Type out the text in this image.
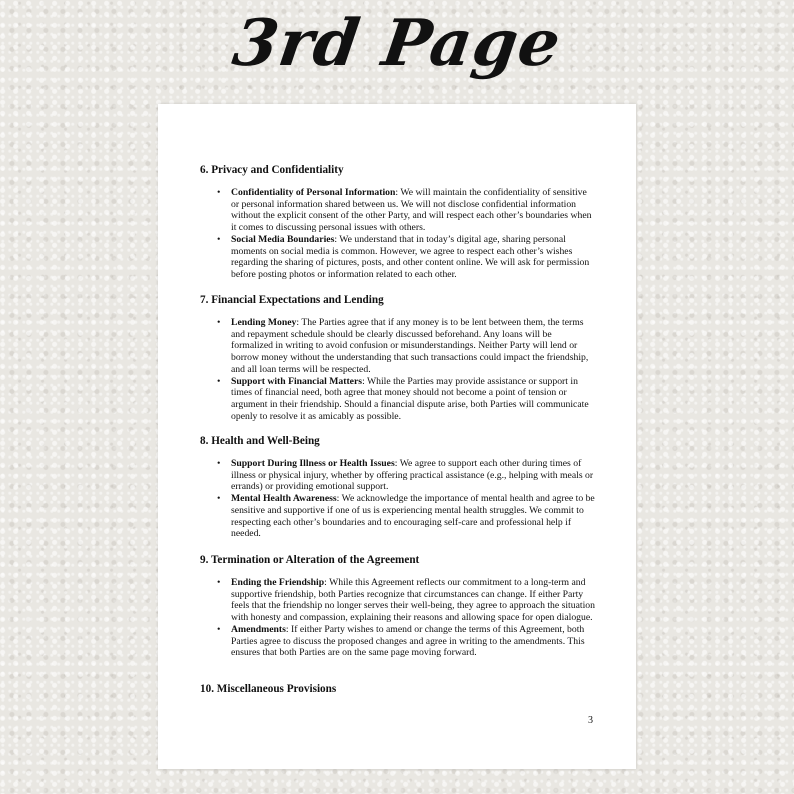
3rd Page
6. Privacy and Confidentiality
• Confidentiality of Personal Information: We will maintain the confidentiality of sensitive or personal information shared between us. We will not disclose confidential information without the explicit consent of the other Party, and will respect each other’s boundaries when it comes to discussing personal issues with others.
• Social Media Boundaries: We understand that in today’s digital age, sharing personal moments on social media is common. However, we agree to respect each other’s wishes regarding the sharing of pictures, posts, and other content online. We will ask for permission before posting photos or information related to each other.
7. Financial Expectations and Lending
• Lending Money: The Parties agree that if any money is to be lent between them, the terms and repayment schedule should be clearly discussed beforehand. Any loans will be formalized in writing to avoid confusion or misunderstandings. Neither Party will lend or borrow money without the understanding that such transactions could impact the friendship, and all loan terms will be respected.
• Support with Financial Matters: While the Parties may provide assistance or support in times of financial need, both agree that money should not become a point of tension or argument in their friendship. Should a financial dispute arise, both Parties will communicate openly to resolve it as amicably as possible.
8. Health and Well-Being
• Support During Illness or Health Issues: We agree to support each other during times of illness or physical injury, whether by offering practical assistance (e.g., helping with meals or errands) or providing emotional support.
• Mental Health Awareness: We acknowledge the importance of mental health and agree to be sensitive and supportive if one of us is experiencing mental health struggles. We commit to respecting each other’s boundaries and to encouraging self-care and professional help if needed.
9. Termination or Alteration of the Agreement
• Ending the Friendship: While this Agreement reflects our commitment to a long-term and supportive friendship, both Parties recognize that circumstances can change. If either Party feels that the friendship no longer serves their well-being, they agree to approach the situation with honesty and compassion, explaining their reasons and allowing space for open dialogue.
• Amendments: If either Party wishes to amend or change the terms of this Agreement, both Parties agree to discuss the proposed changes and agree in writing to the amendments. This ensures that both Parties are on the same page moving forward.
10. Miscellaneous Provisions
3
